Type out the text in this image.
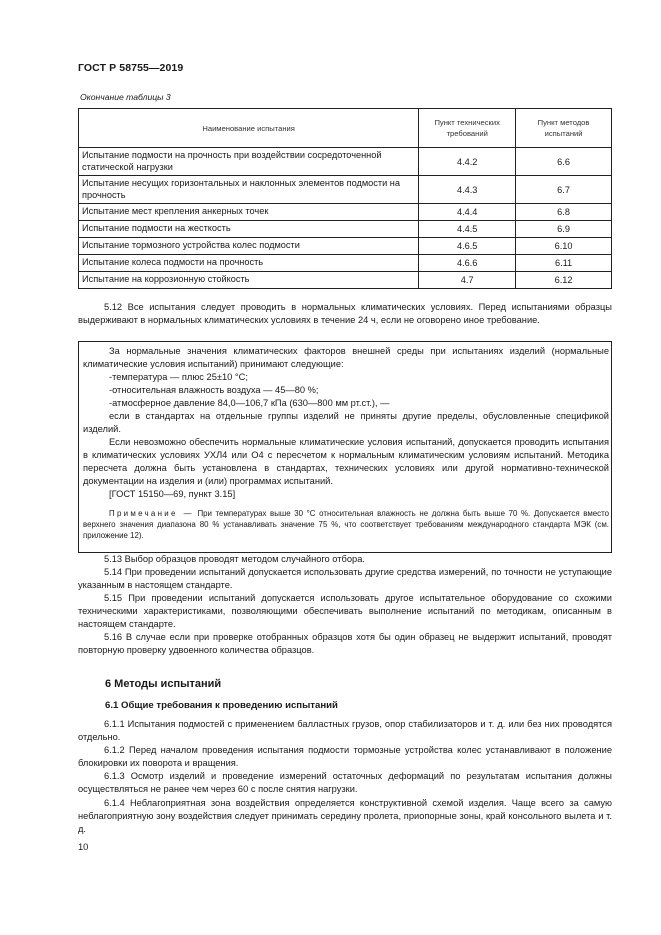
ГОСТ Р 58755—2019
Окончание таблицы 3
Наименование испытания	Пункт технических требований	Пункт методов испытаний
Испытание подмости на прочность при воздействии сосредоточенной статической нагрузки	4.4.2	6.6
Испытание несущих горизонтальных и наклонных элементов подмости на прочность	4.4.3	6.7
Испытание мест крепления анкерных точек	4.4.4	6.8
Испытание подмости на жесткость	4.4.5	6.9
Испытание тормозного устройства колес подмости	4.6.5	6.10
Испытание колеса подмости на прочность	4.6.6	6.11
Испытание на коррозионную стойкость	4.7	6.12
5.12 Все испытания следует проводить в нормальных климатических условиях. Перед испытаниями образцы выдерживают в нормальных климатических условиях в течение 24 ч, если не оговорено иное требование.
За нормальные значения климатических факторов внешней среды при испытаниях изделий (нормальные климатические условия испытаний) принимают следующие:
-температура — плюс 25±10 °С;
-относительная влажность воздуха — 45—80 %;
-атмосферное давление 84,0—106,7 кПа (630—800 мм рт.ст.), —
если в стандартах на отдельные группы изделий не приняты другие пределы, обусловленные спецификой изделий.
Если невозможно обеспечить нормальные климатические условия испытаний, допускается проводить испытания в климатических условиях УХЛ4 или О4 с пересчетом к нормальным климатическим условиям испытаний. Методика пересчета должна быть установлена в стандартах, технических условиях или другой нормативно-технической документации на изделия и (или) программах испытаний.
[ГОСТ 15150—69, пункт 3.15]
Примечание — При температурах выше 30 °С относительная влажность не должна быть выше 70 %. Допускается вместо верхнего значения диапазона 80 % устанавливать значение 75 %, что соответствует требованиям международного стандарта МЭК (см. приложение 12).
5.13 Выбор образцов проводят методом случайного отбора.
5.14 При проведении испытаний допускается использовать другие средства измерений, по точности не уступающие указанным в настоящем стандарте.
5.15 При проведении испытаний допускается использовать другое испытательное оборудование со схожими техническими характеристиками, позволяющими обеспечивать выполнение испытаний по методикам, описанным в настоящем стандарте.
5.16 В случае если при проверке отобранных образцов хотя бы один образец не выдержит испытаний, проводят повторную проверку удвоенного количества образцов.
6 Методы испытаний
6.1 Общие требования к проведению испытаний
6.1.1 Испытания подмостей с применением балластных грузов, опор стабилизаторов и т. д. или без них проводятся отдельно.
6.1.2 Перед началом проведения испытания подмости тормозные устройства колес устанавливают в положение блокировки их поворота и вращения.
6.1.3 Осмотр изделий и проведение измерений остаточных деформаций по результатам испытания должны осуществляться не ранее чем через 60 с после снятия нагрузки.
6.1.4 Неблагоприятная зона воздействия определяется конструктивной схемой изделия. Чаще всего за самую неблагоприятную зону воздействия следует принимать середину пролета, приопорные зоны, край консольного вылета и т. д.
10
